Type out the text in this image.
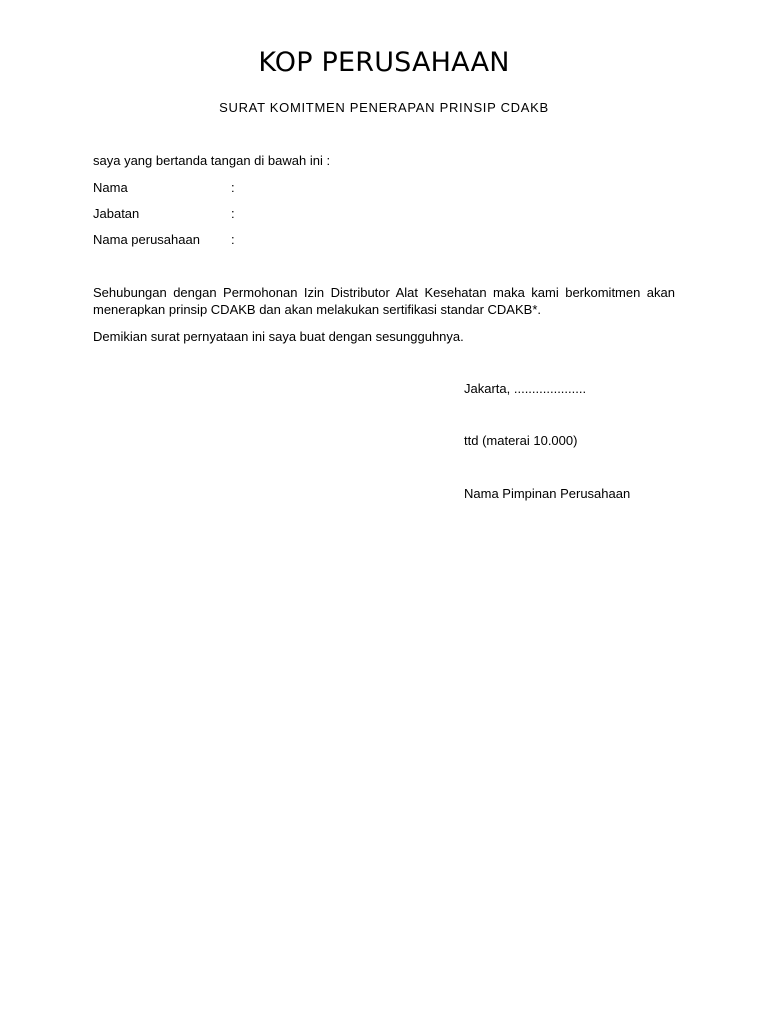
KOP PERUSAHAAN
SURAT KOMITMEN PENERAPAN PRINSIP CDAKB
saya yang bertanda tangan di bawah ini :
Nama	:
Jabatan	:
Nama perusahaan :
Sehubungan dengan Permohonan Izin Distributor Alat Kesehatan maka kami berkomitmen akan menerapkan prinsip CDAKB dan akan melakukan sertifikasi standar CDAKB*.
Demikian surat pernyataan ini saya buat dengan sesungguhnya.
Jakarta, ....................
ttd (materai 10.000)
Nama Pimpinan Perusahaan
